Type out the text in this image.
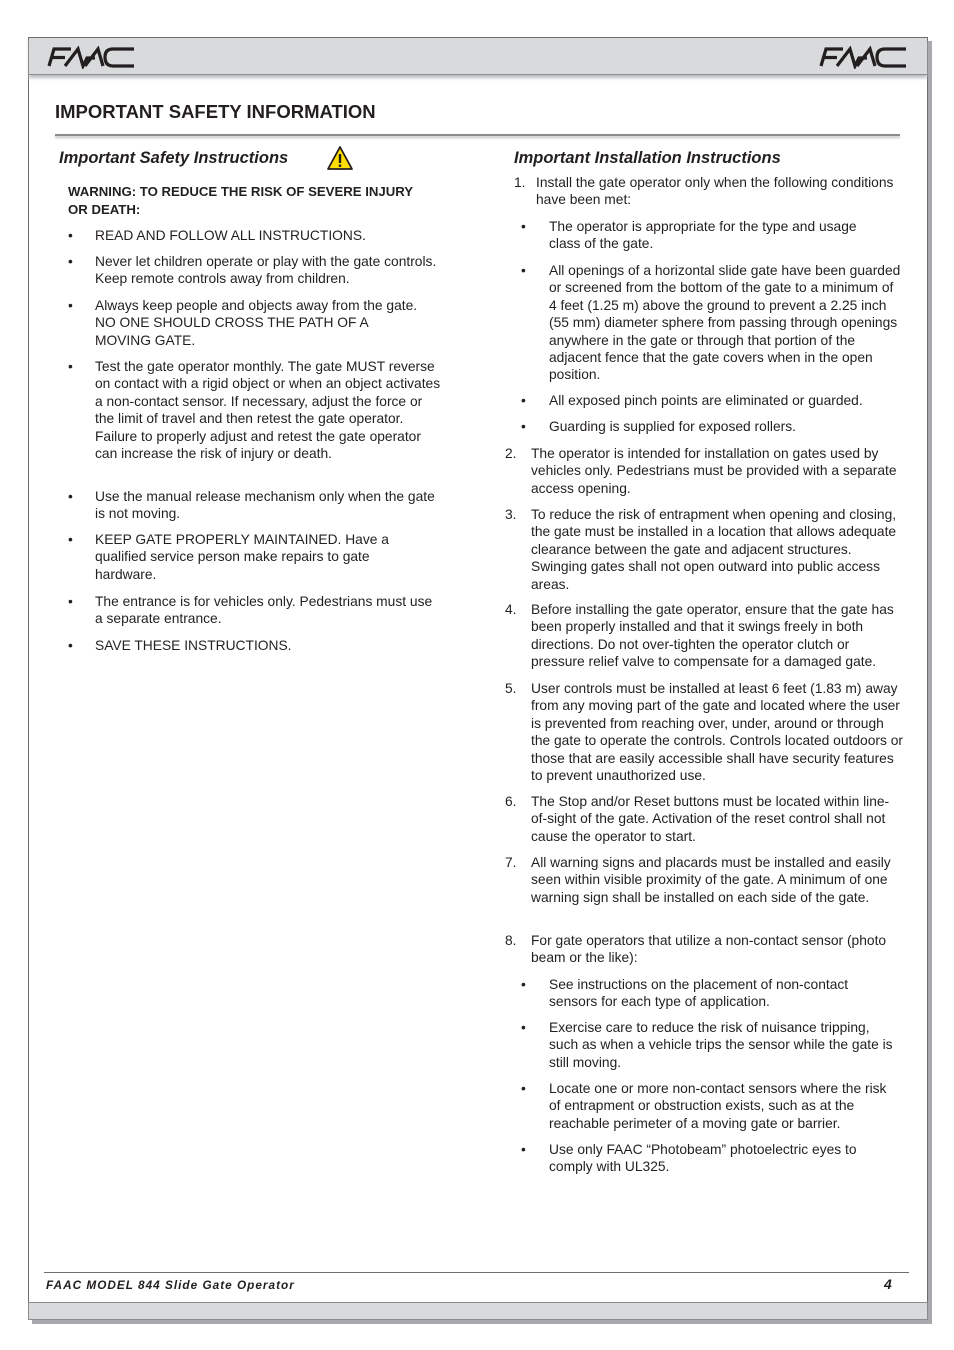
IMPORTANT SAFETY INFORMATION
Important Safety Instructions
WARNING: TO REDUCE THE RISK OF SEVERE INJURY OR DEATH:
• READ AND FOLLOW ALL INSTRUCTIONS.
• Never let children operate or play with the gate controls. Keep remote controls away from children.
• Always keep people and objects away from the gate. NO ONE SHOULD CROSS THE PATH OF A MOVING GATE.
• Test the gate operator monthly. The gate MUST reverse on contact with a rigid object or when an object activates a non-contact sensor. If necessary, adjust the force or the limit of travel and then retest the gate operator. Failure to properly adjust and retest the gate operator can increase the risk of injury or death.
• Use the manual release mechanism only when the gate is not moving.
• KEEP GATE PROPERLY MAINTAINED. Have a qualified service person make repairs to gate hardware.
• The entrance is for vehicles only. Pedestrians must use a separate entrance.
• SAVE THESE INSTRUCTIONS.
Important Installation Instructions
1. Install the gate operator only when the following conditions have been met:
• The operator is appropriate for the type and usage class of the gate.
• All openings of a horizontal slide gate have been guarded or screened from the bottom of the gate to a minimum of 4 feet (1.25 m) above the ground to prevent a 2.25 inch (55 mm) diameter sphere from passing through openings anywhere in the gate or through that portion of the adjacent fence that the gate covers when in the open position.
• All exposed pinch points are eliminated or guarded.
• Guarding is supplied for exposed rollers.
2. The operator is intended for installation on gates used by vehicles only. Pedestrians must be provided with a separate access opening.
3. To reduce the risk of entrapment when opening and closing, the gate must be installed in a location that allows adequate clearance between the gate and adjacent structures. Swinging gates shall not open outward into public access areas.
4. Before installing the gate operator, ensure that the gate has been properly installed and that it swings freely in both directions. Do not over-tighten the operator clutch or pressure relief valve to compensate for a damaged gate.
5. User controls must be installed at least 6 feet (1.83 m) away from any moving part of the gate and located where the user is prevented from reaching over, under, around or through the gate to operate the controls. Controls located outdoors or those that are easily accessible shall have security features to prevent unauthorized use.
6. The Stop and/or Reset buttons must be located within line-of-sight of the gate. Activation of the reset control shall not cause the operator to start.
7. All warning signs and placards must be installed and easily seen within visible proximity of the gate. A minimum of one warning sign shall be installed on each side of the gate.
8. For gate operators that utilize a non-contact sensor (photo beam or the like):
• See instructions on the placement of non-contact sensors for each type of application.
• Exercise care to reduce the risk of nuisance tripping, such as when a vehicle trips the sensor while the gate is still moving.
• Locate one or more non-contact sensors where the risk of entrapment or obstruction exists, such as at the reachable perimeter of a moving gate or barrier.
• Use only FAAC “Photobeam” photoelectric eyes to comply with UL325.
FAAC MODEL 844 Slide Gate Operator	4
